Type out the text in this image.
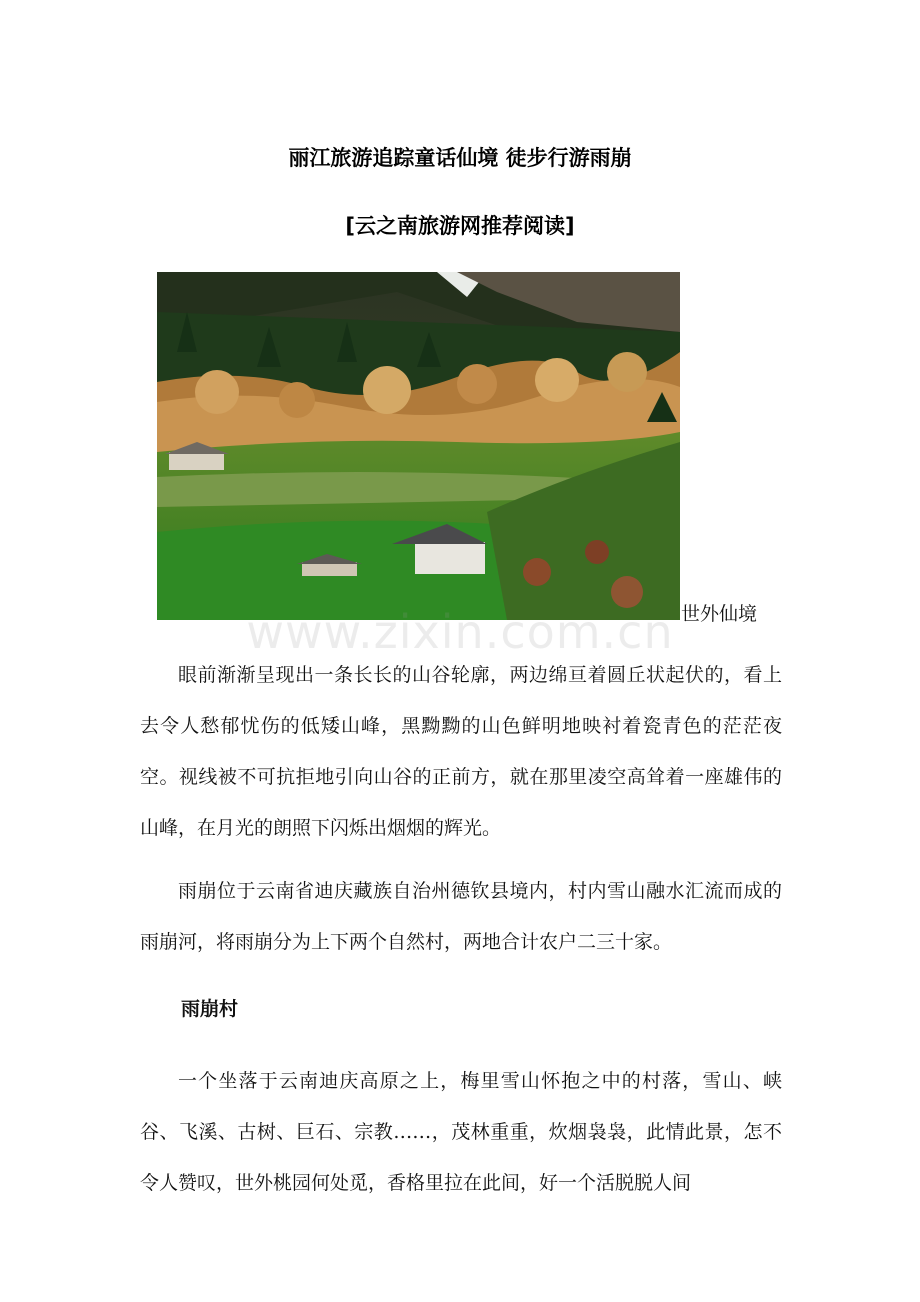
丽江旅游追踪童话仙境 徒步行游雨崩
[云之南旅游网推荐阅读]
世外仙境
www.zixin.com.cn

眼前渐渐呈现出一条长长的山谷轮廓，两边绵亘着圆丘状起伏的，看上去令人愁郁忧伤的低矮山峰，黑黝黝的山色鲜明地映衬着瓷青色的茫茫夜空。视线被不可抗拒地引向山谷的正前方，就在那里凌空高耸着一座雄伟的山峰，在月光的朗照下闪烁出烟烟的辉光。

雨崩位于云南省迪庆藏族自治州德钦县境内，村内雪山融水汇流而成的雨崩河，将雨崩分为上下两个自然村，两地合计农户二三十家。

雨崩村

一个坐落于云南迪庆高原之上，梅里雪山怀抱之中的村落，雪山、峡谷、飞溪、古树、巨石、宗教……，茂林重重，炊烟袅袅，此情此景，怎不令人赞叹，世外桃园何处觅，香格里拉在此间，好一个活脱脱人间
